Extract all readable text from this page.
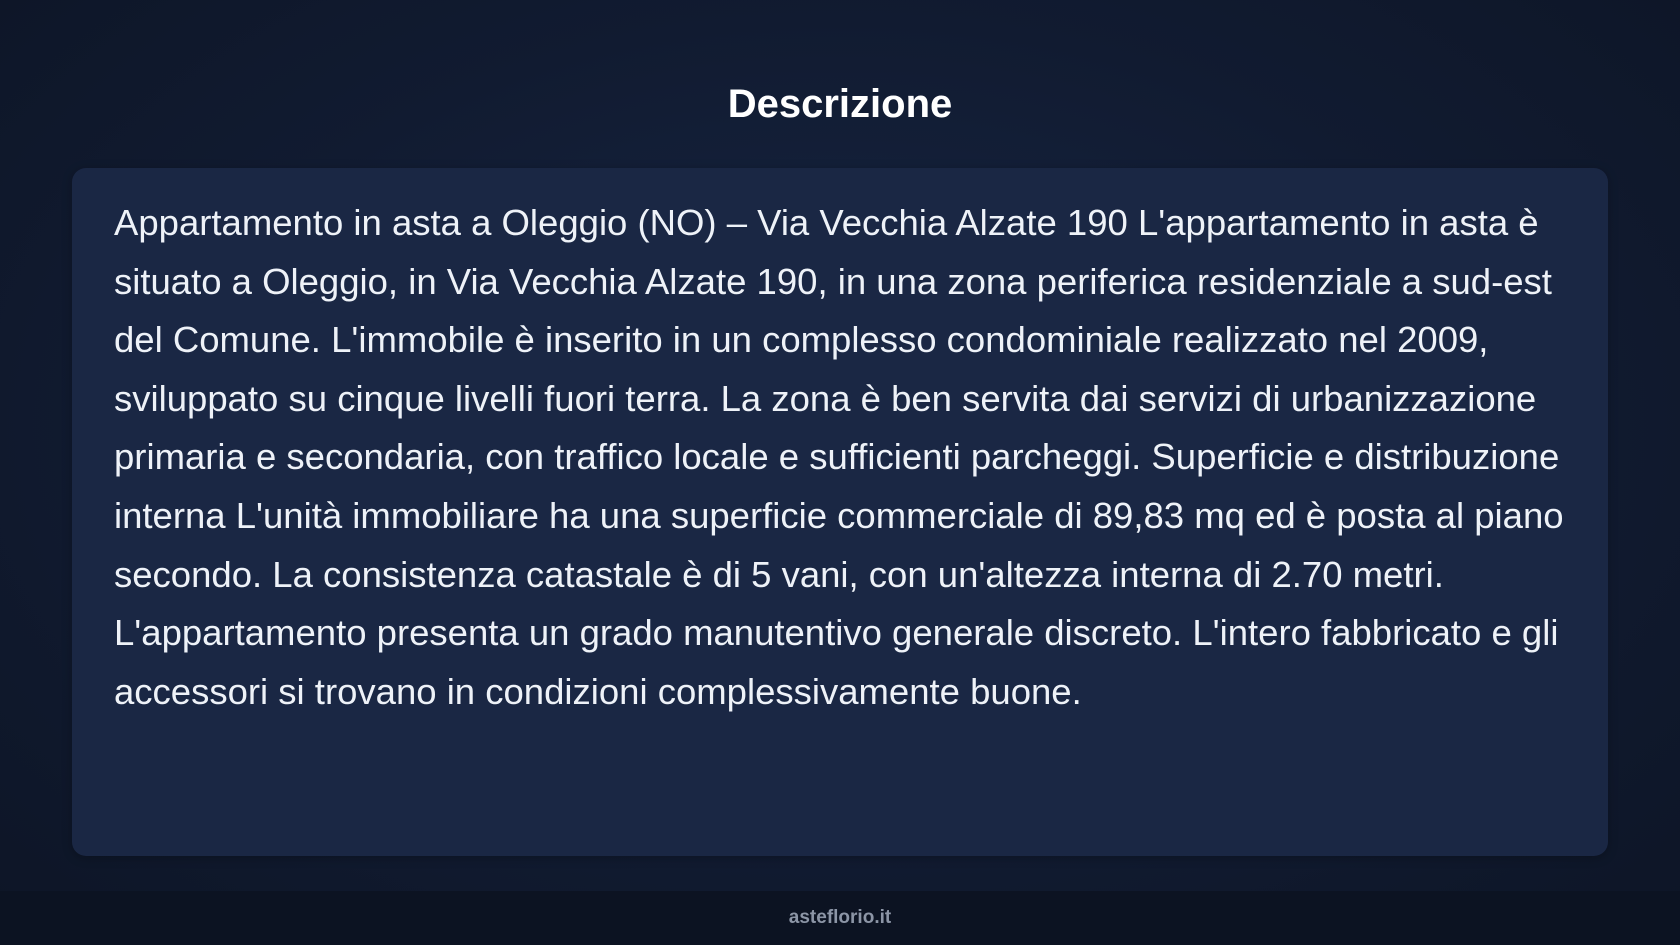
Descrizione

Appartamento in asta a Oleggio (NO) – Via Vecchia Alzate 190 L'appartamento in asta è situato a Oleggio, in Via Vecchia Alzate 190, in una zona periferica residenziale a sud-est del Comune. L'immobile è inserito in un complesso condominiale realizzato nel 2009, sviluppato su cinque livelli fuori terra. La zona è ben servita dai servizi di urbanizzazione primaria e secondaria, con traffico locale e sufficienti parcheggi. Superficie e distribuzione interna L'unità immobiliare ha una superficie commerciale di 89,83 mq ed è posta al piano secondo. La consistenza catastale è di 5 vani, con un'altezza interna di 2.70 metri. L'appartamento presenta un grado manutentivo generale discreto. L'intero fabbricato e gli accessori si trovano in condizioni complessivamente buone.

asteflorio.it
